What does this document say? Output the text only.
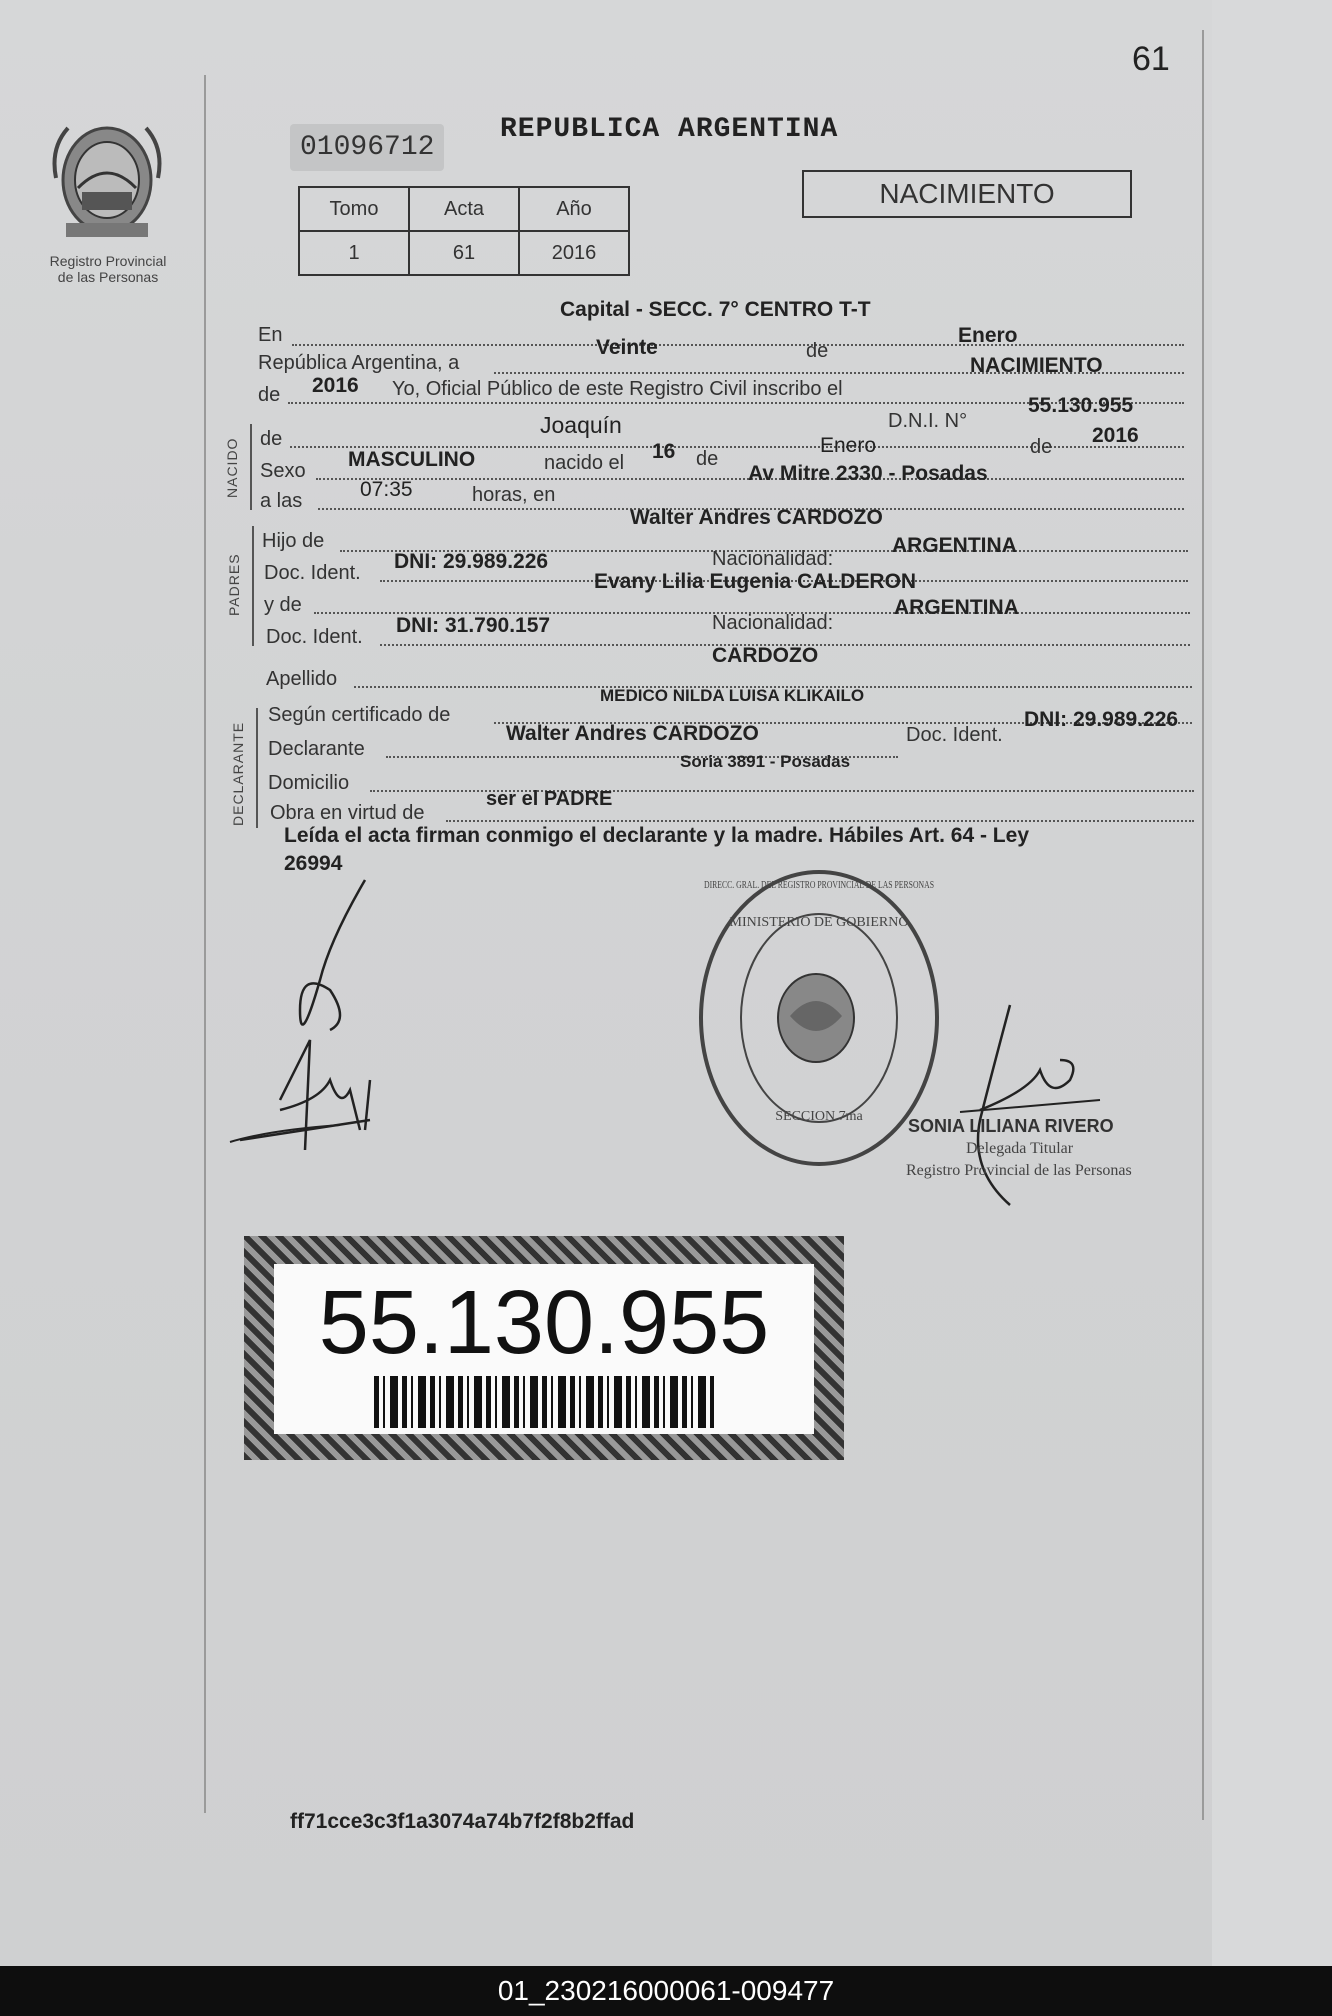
61
Registro Provincial
de las Personas
01096712
REPUBLICA ARGENTINA
Tomo	Acta	Año
1	61	2016
NACIMIENTO
En
Capital - SECC. 7° CENTRO T-T
República Argentina, a
Veinte	de
Enero
de 2016 Yo, Oficial Público de este Registro Civil inscribo el
NACIMIENTO
NACIDO de
Joaquín	D.N.I. N°
55.130.955
Sexo MASCULINO	nacido el 16 de
Enero	de 2016
a las	07:35	horas, en
Av Mitre 2330 - Posadas
PADRES
Hijo de
Walter Andres CARDOZO
Doc. Ident. DNI: 29.989.226	Nacionalidad:
ARGENTINA
y de
Evany Lilia Eugenia CALDERON
Doc. Ident. DNI: 31.790.157	Nacionalidad:
ARGENTINA
Apellido
CARDOZO
DECLARANTE
Según certificado de
MEDICO NILDA LUISA KLIKAILO
Declarante
Walter Andres CARDOZO	Doc. Ident.
DNI: 29.989.226
Domicilio
Soria 3891 - Posadas
Obra en virtud de
ser el PADRE
Leída el acta firman conmigo el declarante y la madre. Hábiles Art. 64 - Ley
26994
MINISTERIO DE GOBIERNO
SECCION 7ma
DIRECC. GRAL. DEL REGISTRO PROVINCIAL DE LAS PERSONAS
SONIA LILIANA RIVERO
Delegada Titular
Registro Provincial de las Personas
55.130.955
ff71cce3c3f1a3074a74b7f2f8b2ffad
01_230216000061-009477
